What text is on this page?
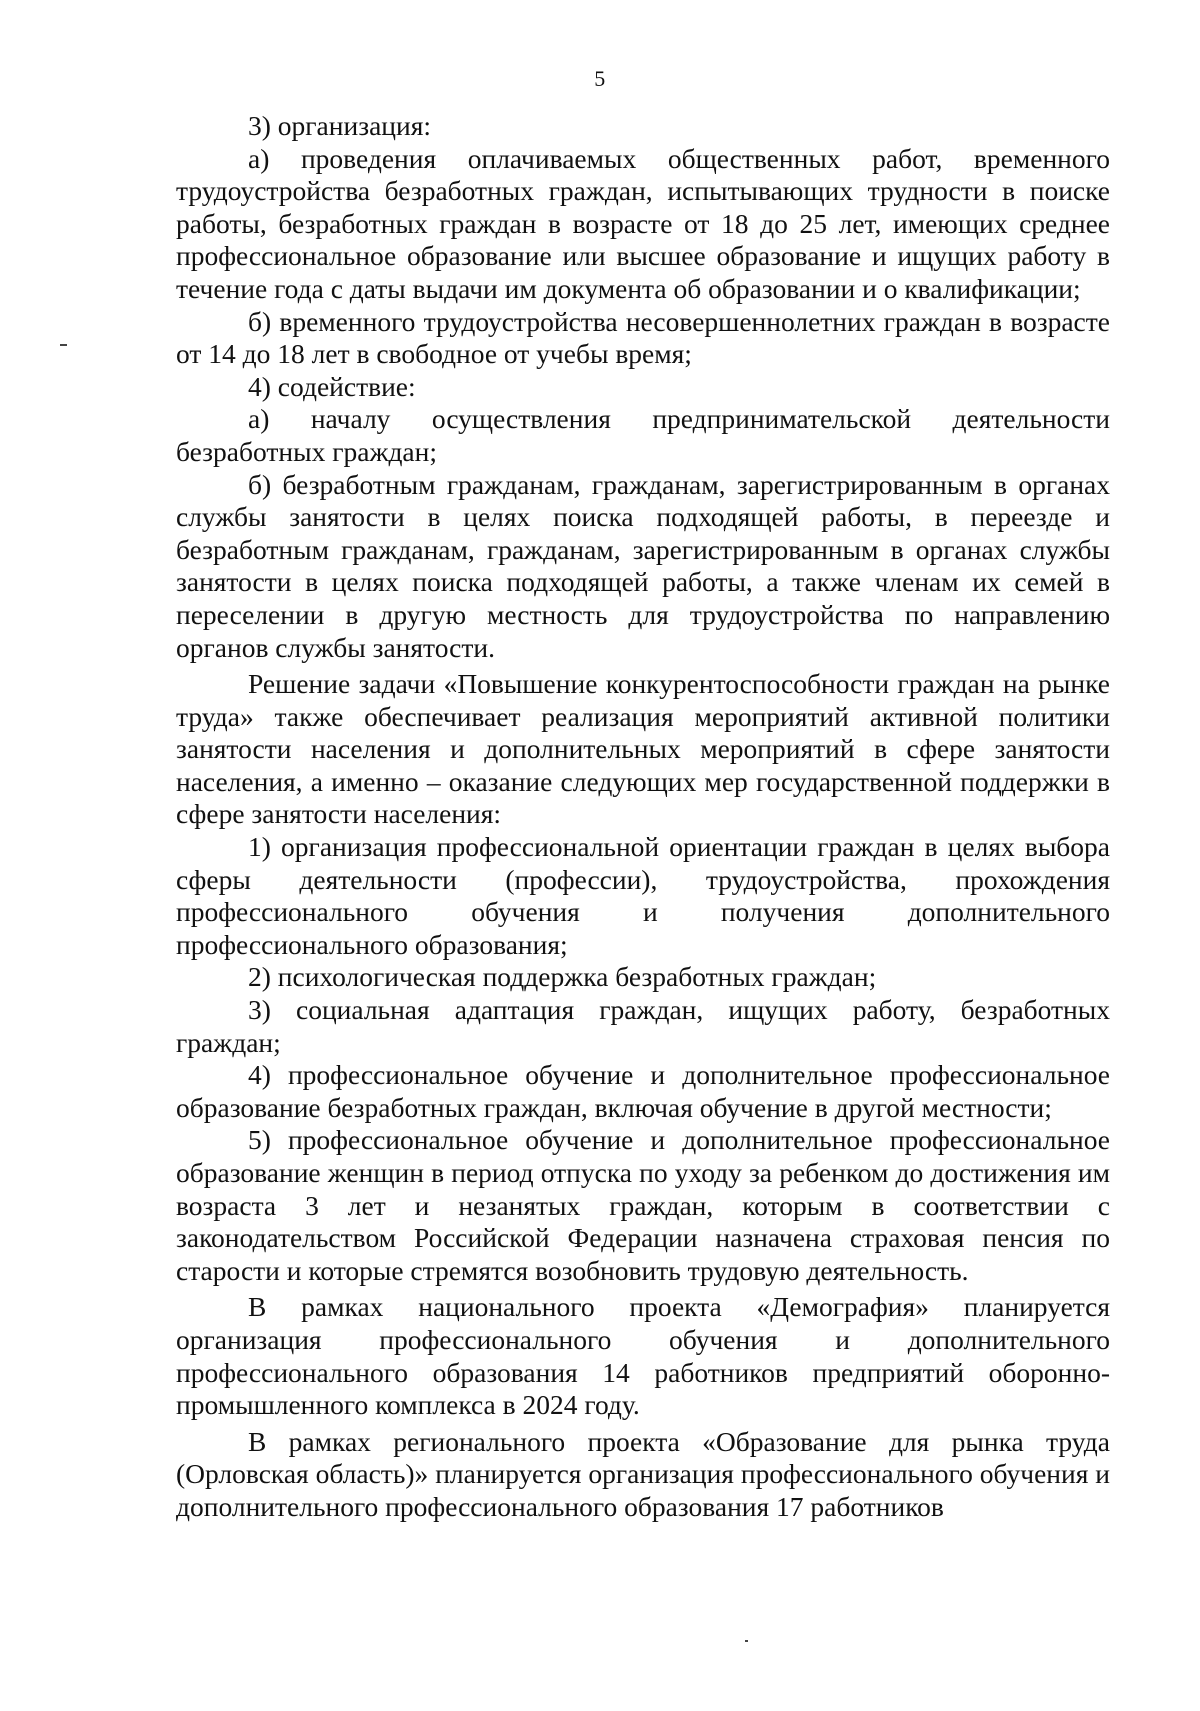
5

3) организация:

а) проведения оплачиваемых общественных работ, временного трудоустройства безработных граждан, испытывающих трудности в поиске работы, безработных граждан в возрасте от 18 до 25 лет, имеющих среднее профессиональное образование или высшее образование и ищущих работу в течение года с даты выдачи им документа об образовании и о квалификации;

б) временного трудоустройства несовершеннолетних граждан в возрасте от 14 до 18 лет в свободное от учебы время;

4) содействие:

а) началу осуществления предпринимательской деятельности безработных граждан;

б) безработным гражданам, гражданам, зарегистрированным в органах службы занятости в целях поиска подходящей работы, в переезде и безработным гражданам, гражданам, зарегистрированным в органах службы занятости в целях поиска подходящей работы, а также членам их семей в переселении в другую местность для трудоустройства по направлению органов службы занятости.

Решение задачи «Повышение конкурентоспособности граждан на рынке труда» также обеспечивает реализация мероприятий активной политики занятости населения и дополнительных мероприятий в сфере занятости населения, а именно – оказание следующих мер государственной поддержки в сфере занятости населения:

1) организация профессиональной ориентации граждан в целях выбора сферы деятельности (профессии), трудоустройства, прохождения профессионального обучения и получения дополнительного профессионального образования;

2) психологическая поддержка безработных граждан;

3) социальная адаптация граждан, ищущих работу, безработных граждан;

4) профессиональное обучение и дополнительное профессиональное образование безработных граждан, включая обучение в другой местности;

5) профессиональное обучение и дополнительное профессиональное образование женщин в период отпуска по уходу за ребенком до достижения им возраста 3 лет и незанятых граждан, которым в соответствии с законодательством Российской Федерации назначена страховая пенсия по старости и которые стремятся возобновить трудовую деятельность.

В рамках национального проекта «Демография» планируется организация профессионального обучения и дополнительного профессионального образования 14 работников предприятий оборонно-промышленного комплекса в 2024 году.

В рамках регионального проекта «Образование для рынка труда (Орловская область)» планируется организация профессионального обучения и дополнительного профессионального образования 17 работников
